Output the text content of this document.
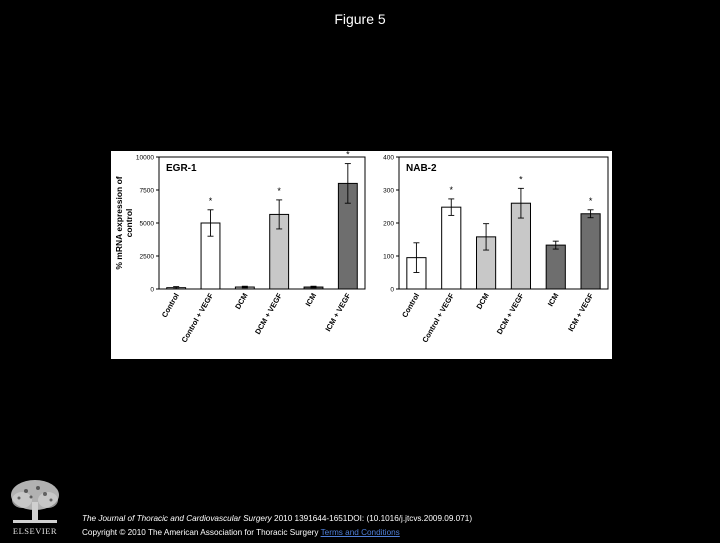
Figure 5
0
2500
5000
7500
10000
EGR-1
Control
*
Control + VEGF DCM
*
DCM + VEGF	ICM
*
ICM + VEGF
% mRNA expression of control
0
100
200
300
400
NAB-2
Control
*
Control + VEGF DCM
*
DCM + VEGF	ICM
*
ICM + VEGF
ELSEVIER
The Journal of Thoracic and Cardiovascular Surgery 2010 1391644-1651DOI: (10.1016/j.jtcvs.2009.09.071)
Copyright © 2010 The American Association for Thoracic Surgery Terms and Conditions
